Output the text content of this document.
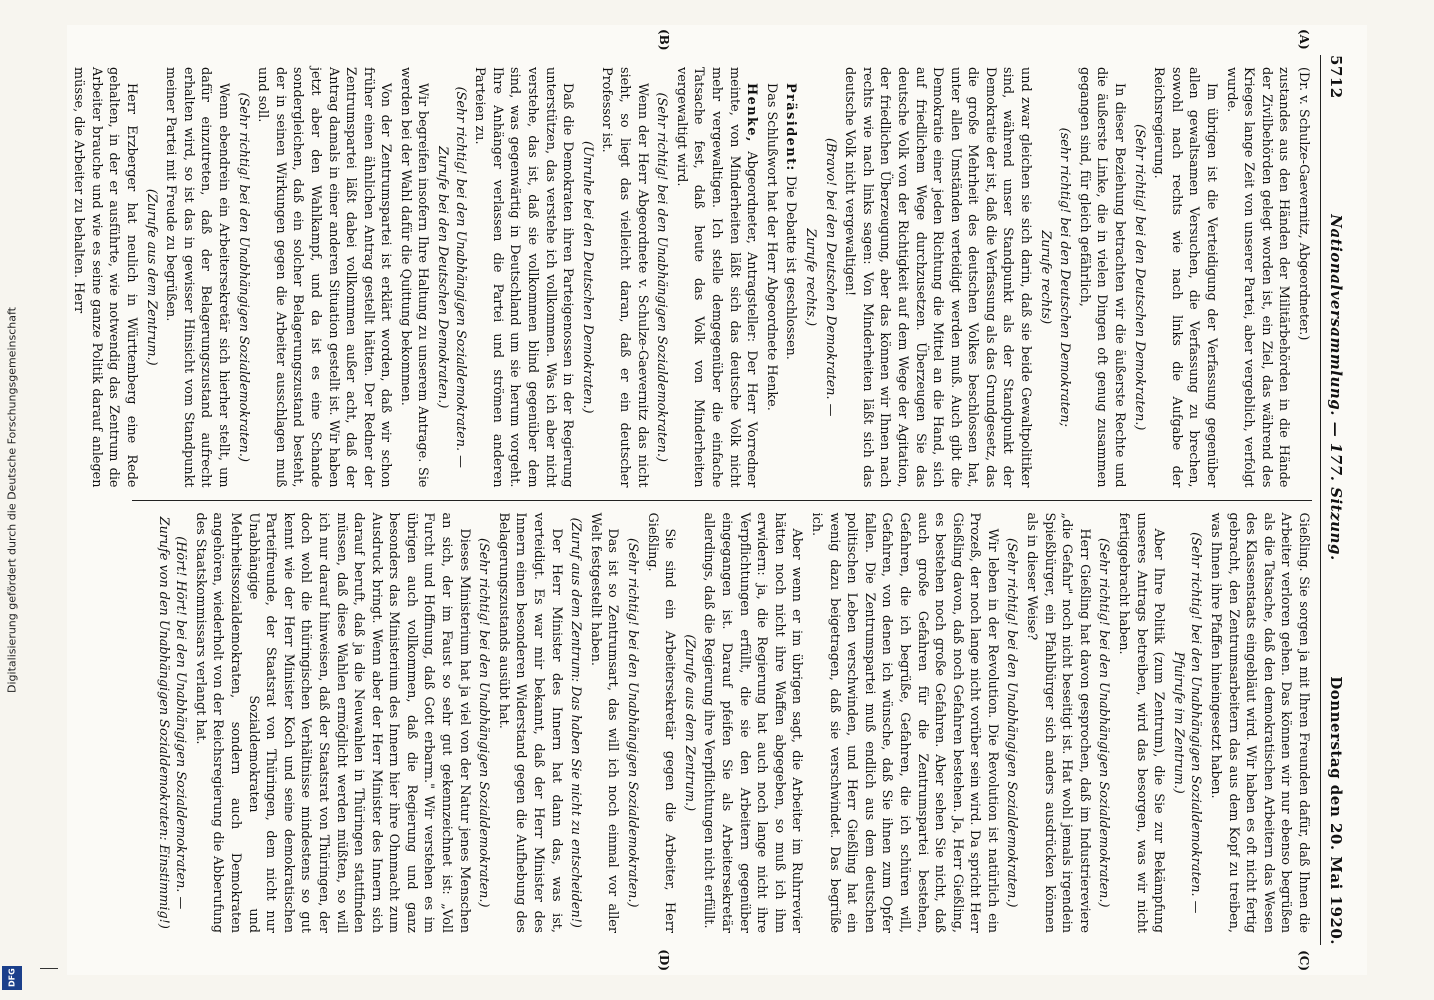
5712
Nationalversammlung. — 177. Sitzung.
Donnerstag den 20. Mai 1920.
(A)
(B)

(Dr. v. Schulze-Gaevernitz, Abgeordneter.)

zustandes aus den Händen der Militärbehörden in die Hände der Zivilbehörden gelegt worden ist, ein Ziel, das während des Krieges lange Zeit von unserer Partei, aber vergeblich, verfolgt wurde.

Im übrigen ist die Verteidigung der Verfassung gegenüber allen gewaltsamen Versuchen, die Verfassung zu brechen, sowohl nach rechts wie nach links die Aufgabe der Reichsregierung.

(Sehr richtig! bei den Deutschen Demokraten.)

In dieser Beziehung betrachten wir die äußerste Rechte und die äußerste Linke, die in vielen Dingen oft genug zusammen gegangen sind, für gleich gefährlich,

(sehr richtig! bei den Deutschen Demokraten;

Zurufe rechts)

und zwar gleichen sie sich darin, daß sie beide Gewaltpolitiker sind, während unser Standpunkt als der Standpunkt der Demokratie der ist, daß die Verfassung als das Grundgesetz, das die große Mehrheit des deutschen Volkes beschlossen hat, unter allen Umständen verteidigt werden muß. Auch gibt die Demokratie einer jeden Richtung die Mittel an die Hand, sich auf friedlichem Wege durchzusetzen. Überzeugen Sie das deutsche Volk von der Richtigkeit auf dem Wege der Agitation, der friedlichen Überzeugung, aber das können wir Ihnen nach rechts wie nach links sagen: Von Minderheiten läßt sich das deutsche Volk nicht vergewaltigen!

(Bravo! bei den Deutschen Demokraten. —

Zurufe rechts.)

Präsident: Die Debatte ist geschlossen.

Das Schlußwort hat der Herr Abgeordnete Henke.

Henke, Abgeordneter, Antragsteller: Der Herr Vorredner meinte, von Minderheiten läßt sich das deutsche Volk nicht mehr vergewaltigen. Ich stelle demgegenüber die einfache Tatsache fest, daß heute das Volk von Minderheiten vergewaltigt wird.

(Sehr richtig! bei den Unabhängigen Sozialdemokraten.)

Wenn der Herr Abgeordnete v. Schulze-Gaevernitz das nicht sieht, so liegt das vielleicht daran, daß er ein deutscher Professor ist.

(Unruhe bei den Deutschen Demokraten.)

Daß die Demokraten ihren Parteigenossen in der Regierung unterstützen, das verstehe ich vollkommen. Was ich aber nicht verstehe, das ist, daß sie vollkommen blind gegenüber dem sind, was gegenwärtig in Deutschland um sie herum vorgeht. Ihre Anhänger verlassen die Partei und strömen anderen Parteien zu.

(Sehr richtig! bei den Unabhängigen Sozialdemokraten. — Zurufe bei den Deutschen Demokraten.)

Wir begreifen insofern Ihre Haltung zu unserem Antrage. Sie werden bei der Wahl dafür die Quittung bekommen.

Von der Zentrumspartei ist erklärt worden, daß wir schon früher einen ähnlichen Antrag gestellt hätten. Der Redner der Zentrumspartei läßt dabei vollkommen außer acht, daß der Antrag damals in einer anderen Situation gestellt ist. Wir haben jetzt aber den Wahlkampf, und da ist es eine Schande sondergleichen, daß ein solcher Belagerungszustand besteht, der in seinen Wirkungen gegen die Arbeiter ausschlagen muß und soll.

(Sehr richtig! bei den Unabhängigen Sozialdemokraten.)

Wenn ebendrein ein Arbeitersekretär sich hierher stellt, um dafür einzutreten, daß der Belagerungszustand aufrecht erhalten wird, so ist das in gewisser Hinsicht vom Standpunkt meiner Partei mit Freude zu begrüßen.

(Zurufe aus dem Zentrum.)

Herr Erzberger hat neulich in Württemberg eine Rede gehalten, in der er ausführte, wie notwendig das Zentrum die Arbeiter brauche und wie es seine ganze Politik darauf anlegen müsse, die Arbeiter zu behalten. Herr

(C)
(D)

Gießling. Sie sorgen ja mit Ihren Freunden dafür, daß Ihnen die Arbeiter verloren gehen. Das können wir nur ebenso begrüßen als die Tatsache, daß den demokratischen Arbeitern das Wesen des Klassenstaats eingebläut wird. Wir haben es oft nicht fertig gebracht, den Zentrumsarbeitern das aus dem Kopf zu treiben, was Ihnen ihre Pfaffen hineingesetzt haben.

(Sehr richtig! bei den Unabhängigen Sozialdemokraten. — Pfuirufe im Zentrum.)

Aber Ihre Politik (zum Zentrum), die Sie zur Bekämpfung unseres Antrags betreiben, wird das besorgen, was wir nicht fertiggebracht haben.

(Sehr richtig! bei den Unabhängigen Sozialdemokraten.)

Herr Gießling hat davon gesprochen, daß im Industriereviere „die Gefahr" noch nicht beseitigt ist. Hat wohl jemals irgendein Spießbürger, ein Pfahlbürger sich anders ausdrücken können als in dieser Weise?

(Sehr richtig! bei den Unabhängigen Sozialdemokraten.)

Wir leben in der Revolution. Die Revolution ist natürlich ein Prozeß, der noch lange nicht vorüber sein wird. Da spricht Herr Gießling davon, daß noch Gefahren bestehen. Ja, Herr Gießling, es bestehen noch große Gefahren. Aber sehen Sie nicht, daß auch große Gefahren für die Zentrumspartei bestehen, Gefahren, die ich begrüße, Gefahren, die ich schüren will, Gefahren, von denen ich wünsche, daß Sie ihnen zum Opfer fallen. Die Zentrumspartei muß endlich aus dem deutschen politischen Leben verschwinden, und Herr Gießling hat ein wenig dazu beigetragen, daß sie verschwindet. Das begrüße ich.

Aber wenn er im übrigen sagt, die Arbeiter im Ruhrrevier hätten noch nicht ihre Waffen abgegeben, so muß ich ihm erwidern: ja, die Regierung hat auch noch lange nicht ihre Verpflichtungen erfüllt, die sie den Arbeitern gegenüber eingegangen ist. Darauf pfeifen Sie als Arbeitersekretär allerdings, daß die Regierung ihre Verpflichtungen nicht erfüllt.

(Zurufe aus dem Zentrum.)

Sie sind ein Arbeitersekretär gegen die Arbeiter, Herr Gießling.

(Sehr richtig! bei den Unabhängigen Sozialdemokraten.)

Das ist so Zentrumsart, das will ich noch einmal vor aller Welt festgestellt haben.

(Zuruf aus dem Zentrum: Das haben Sie nicht zu entscheiden!)

Der Herr Minister des Innern hat dann das, was ist, verteidigt. Es war mir bekannt, daß der Herr Minister des Innern einen besonderen Widerstand gegen die Aufhebung des Belagerungszustands ausübt hat.

(Sehr richtig! bei den Unabhängigen Sozialdemokraten.)

Dieses Ministerium hat ja viel von der Natur jenes Menschen an sich, der im Faust so sehr gut gekennzeichnet ist: „Voll Furcht und Hoffnung, daß Gott erbarm." Wir verstehen es im übrigen auch vollkommen, daß die Regierung und ganz besonders das Ministerium des Innern hier ihre Ohnmacht zum Ausdruck bringt. Wenn aber der Herr Minister des Innern sich darauf beruft, daß ja die Neuwahlen in Thüringen stattfinden müssen, daß diese Wahlen ermöglicht werden müßten, so will ich nur darauf hinweisen, daß der Staatsrat von Thüringen, der doch wohl die thüringischen Verhältnisse mindestens so gut kennt wie der Herr Minister Koch und seine demokratischen Parteifreunde, der Staatsrat von Thüringen, dem nicht nur Unabhängige Sozialdemokraten und Mehrheitssozialdemokraten, sondern auch Demokraten angehören, wiederholt von der Reichsregierung die Abberufung des Staatskommissars verlangt hat.

(Hört! Hört! bei den Unabhängigen Sozialdemokraten. — Zurufe von den Unabhängigen Sozialdemokraten: Einstimmig!)

Digitalisierung gefördert durch die Deutsche Forschungsgemeinschaft
DFG
